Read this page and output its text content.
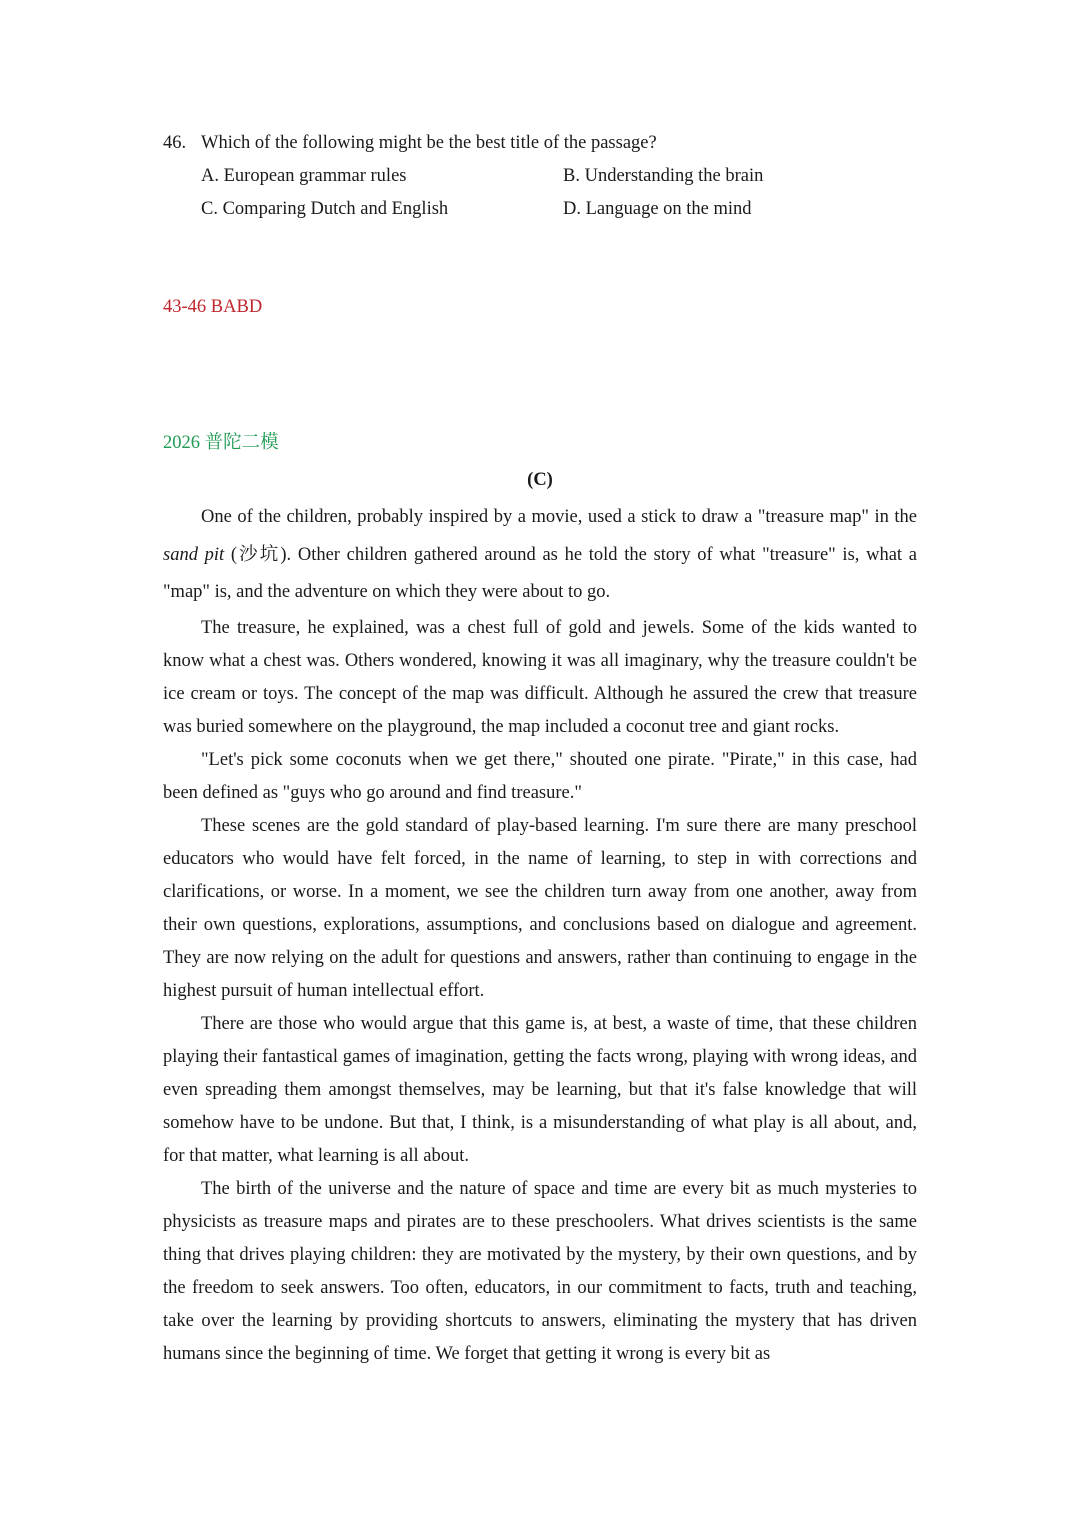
46. Which of the following might be the best title of the passage?
A. European grammar rules	B. Understanding the brain
C. Comparing Dutch and English	D. Language on the mind
43-46 BABD
2026 普陀二模
(C)

One of the children, probably inspired by a movie, used a stick to draw a "treasure map" in the sand pit (沙坑). Other children gathered around as he told the story of what "treasure" is, what a "map" is, and the adventure on which they were about to go.

The treasure, he explained, was a chest full of gold and jewels. Some of the kids wanted to know what a chest was. Others wondered, knowing it was all imaginary, why the treasure couldn't be ice cream or toys. The concept of the map was difficult. Although he assured the crew that treasure was buried somewhere on the playground, the map included a coconut tree and giant rocks.

"Let's pick some coconuts when we get there," shouted one pirate. "Pirate," in this case, had been defined as "guys who go around and find treasure."

These scenes are the gold standard of play-based learning. I'm sure there are many preschool educators who would have felt forced, in the name of learning, to step in with corrections and clarifications, or worse. In a moment, we see the children turn away from one another, away from their own questions, explorations, assumptions, and conclusions based on dialogue and agreement. They are now relying on the adult for questions and answers, rather than continuing to engage in the highest pursuit of human intellectual effort.

There are those who would argue that this game is, at best, a waste of time, that these children playing their fantastical games of imagination, getting the facts wrong, playing with wrong ideas, and even spreading them amongst themselves, may be learning, but that it's false knowledge that will somehow have to be undone. But that, I think, is a misunderstanding of what play is all about, and, for that matter, what learning is all about.

The birth of the universe and the nature of space and time are every bit as much mysteries to physicists as treasure maps and pirates are to these preschoolers. What drives scientists is the same thing that drives playing children: they are motivated by the mystery, by their own questions, and by the freedom to seek answers. Too often, educators, in our commitment to facts, truth and teaching, take over the learning by providing shortcuts to answers, eliminating the mystery that has driven humans since the beginning of time. We forget that getting it wrong is every bit as
